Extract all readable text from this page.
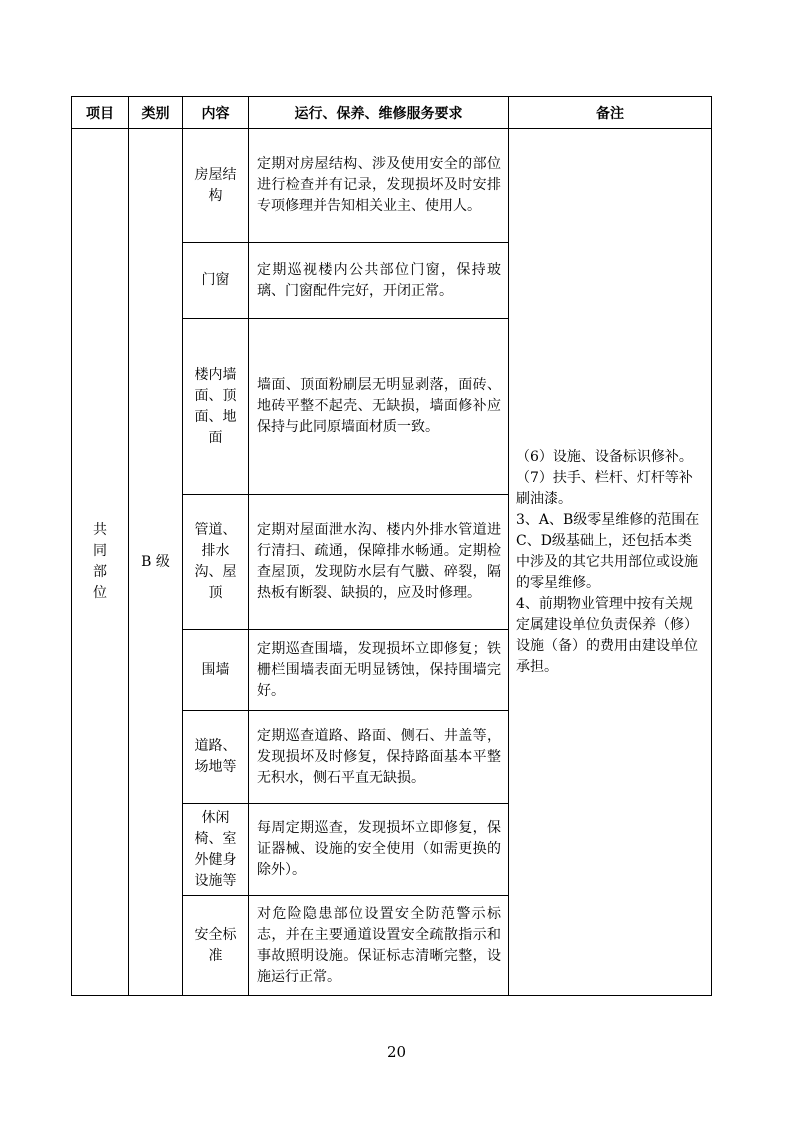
项目	类别	内容	运行、保养、维修服务要求	备注
共同部位	B 级	房屋结构	定期对房屋结构、涉及使用安全的部位进行检查并有记录，发现损坏及时安排专项修理并告知相关业主、使用人。	（6）设施、设备标识修补。
（7）扶手、栏杆、灯杆等补刷油漆。
3、A、B级零星维修的范围在C、D级基础上，还包括本类中涉及的其它共用部位或设施的零星维修。
4、前期物业管理中按有关规定属建设单位负责保养（修）设施（备）的费用由建设单位承担。

		门窗	定期巡视楼内公共部位门窗，保持玻璃、门窗配件完好，开闭正常。	
		楼内墙面、顶面、地面	墙面、顶面粉刷层无明显剥落，面砖、地砖平整不起壳、无缺损，墙面修补应保持与此同原墙面材质一致。	
		管道、排水沟、屋顶	定期对屋面泄水沟、楼内外排水管道进行清扫、疏通，保障排水畅通。定期检查屋顶，发现防水层有气臌、碎裂，隔热板有断裂、缺损的，应及时修理。	
		围墙	定期巡查围墙，发现损坏立即修复；铁栅栏围墙表面无明显锈蚀，保持围墙完好。	
		道路、场地等	定期巡查道路、路面、侧石、井盖等，发现损坏及时修复，保持路面基本平整无积水，侧石平直无缺损。	
		休闲椅、室外健身设施等	每周定期巡查，发现损坏立即修复，保证器械、设施的安全使用（如需更换的除外）。	
		安全标准	对危险隐患部位设置安全防范警示标志，并在主要通道设置安全疏散指示和事故照明设施。保证标志清晰完整，设施运行正常。	
20
